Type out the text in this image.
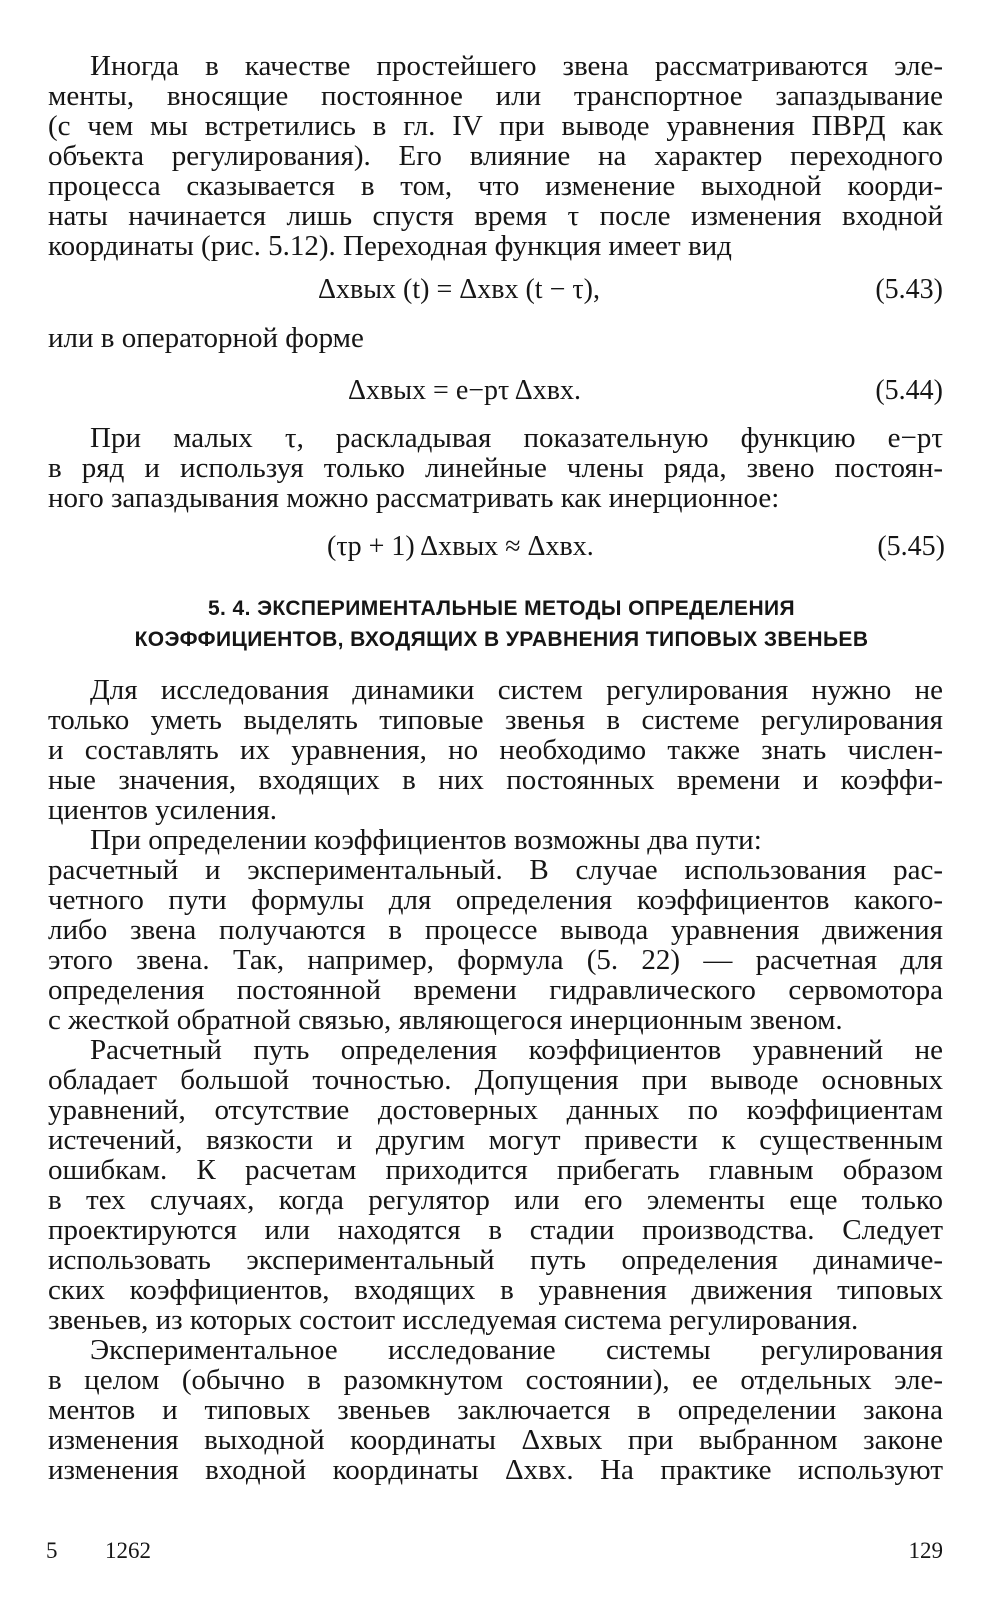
Иногда в качестве простейшего звена рассматриваются эле-
менты, вносящие постоянное или транспортное запаздывание
(с чем мы встретились в гл. IV при выводе уравнения ПВРД как
объекта регулирования). Его влияние на характер переходного
процесса сказывается в том, что изменение выходной коорди-
наты начинается лишь спустя время τ после изменения входной
координаты (рис. 5.12). Переходная функция имеет вид
Δxвых (t) = Δxвх (t − τ),	(5.43)
или в операторной форме
Δxвых = e−pτ Δxвх.	(5.44)
При малых τ, раскладывая показательную функцию e−pτ
в ряд и используя только линейные члены ряда, звено постоян-
ного запаздывания можно рассматривать как инерционное:
(τp + 1) Δxвых ≈ Δxвх.	(5.45)
5. 4. ЭКСПЕРИМЕНТАЛЬНЫЕ МЕТОДЫ ОПРЕДЕЛЕНИЯ
КОЭФФИЦИЕНТОВ, ВХОДЯЩИХ В УРАВНЕНИЯ ТИПОВЫХ ЗВЕНЬЕВ
Для исследования динамики систем регулирования нужно не
только уметь выделять типовые звенья в системе регулирования
и составлять их уравнения, но необходимо также знать числен-
ные значения, входящих в них постоянных времени и коэффи-
циентов усиления.
При определении коэффициентов возможны два пути:
расчетный и экспериментальный. В случае использования рас-
четного пути формулы для определения коэффициентов какого-
либо звена получаются в процессе вывода уравнения движения
этого звена. Так, например, формула (5. 22) — расчетная для
определения постоянной времени гидравлического сервомотора
с жесткой обратной связью, являющегося инерционным звеном.
Расчетный путь определения коэффициентов уравнений не
обладает большой точностью. Допущения при выводе основных
уравнений, отсутствие достоверных данных по коэффициентам
истечений, вязкости и другим могут привести к существенным
ошибкам. К расчетам приходится прибегать главным образом
в тех случаях, когда регулятор или его элементы еще только
проектируются или находятся в стадии производства. Следует
использовать экспериментальный путь определения динамиче-
ских коэффициентов, входящих в уравнения движения типовых
звеньев, из которых состоит исследуемая система регулирования.
Экспериментальное исследование системы регулирования
в целом (обычно в разомкнутом состоянии), ее отдельных эле-
ментов и типовых звеньев заключается в определении закона
изменения выходной координаты Δxвых при выбранном законе
изменения входной координаты Δxвх. На практике используют
5 1262	129
